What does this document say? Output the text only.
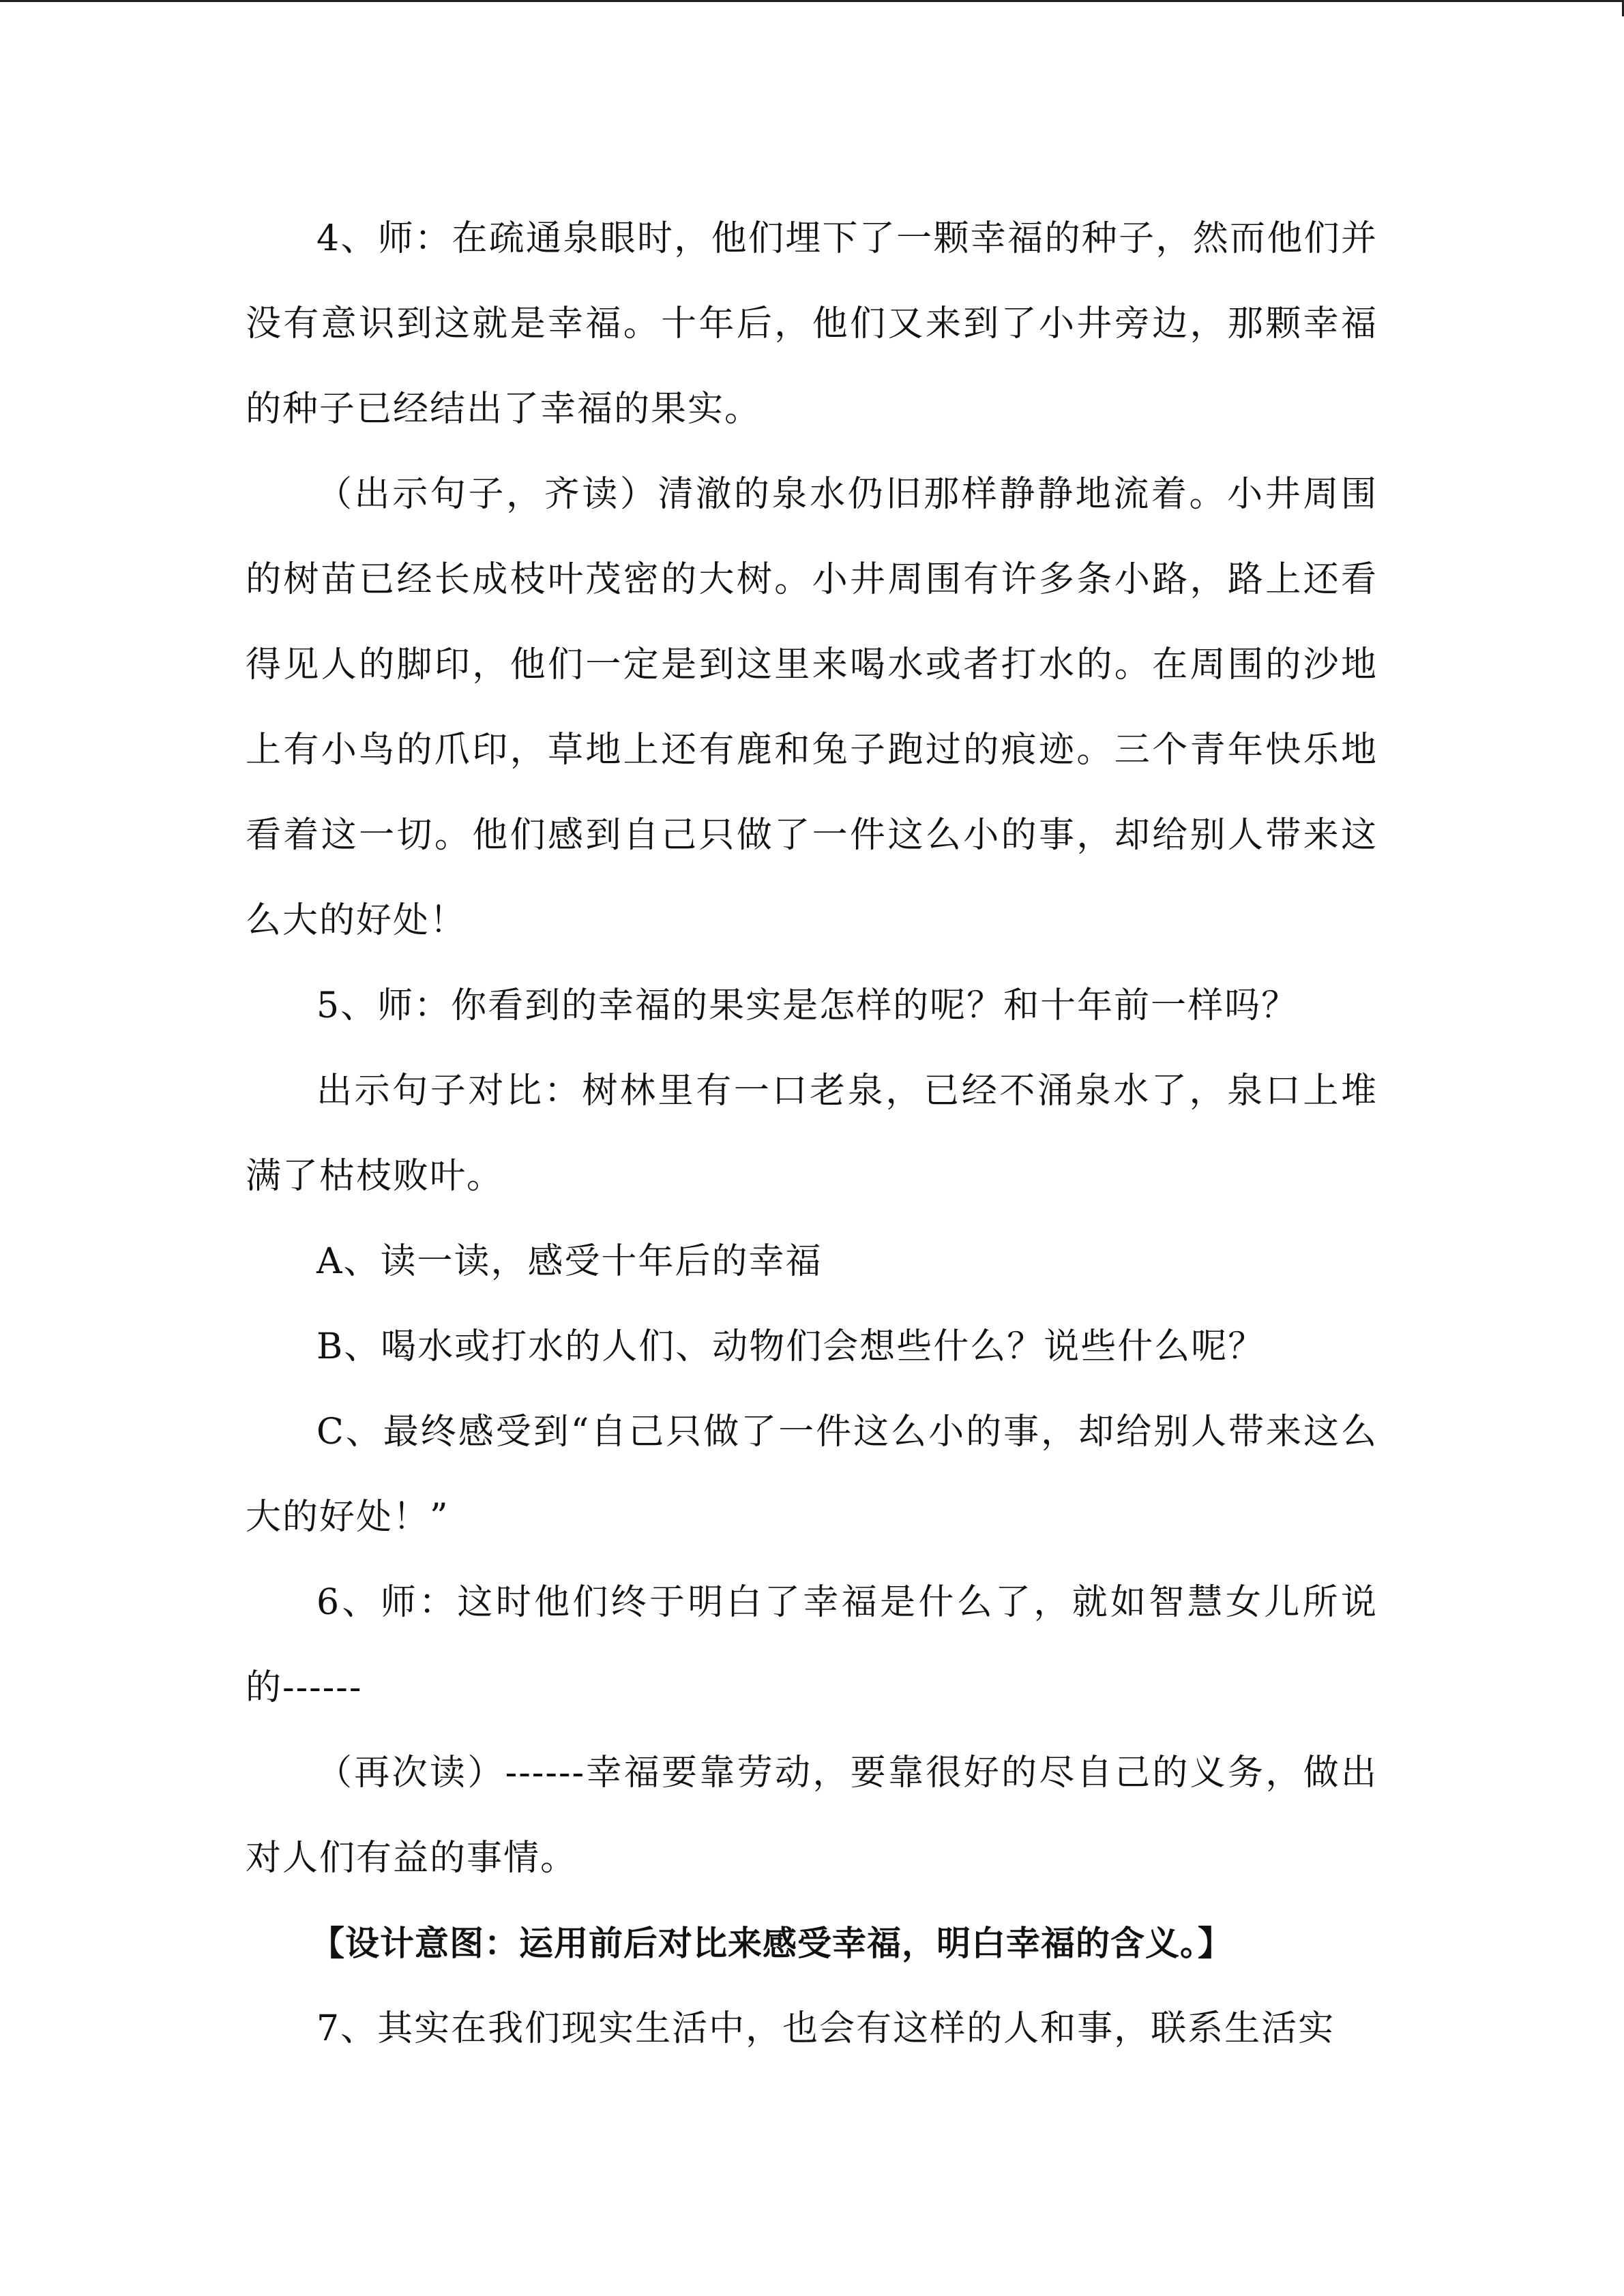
4、师：在疏通泉眼时，他们埋下了一颗幸福的种子，然而他们并没有意识到这就是幸福。十年后，他们又来到了小井旁边，那颗幸福的种子已经结出了幸福的果实。

（出示句子，齐读）清澈的泉水仍旧那样静静地流着。小井周围的树苗已经长成枝叶茂密的大树。小井周围有许多条小路，路上还看得见人的脚印，他们一定是到这里来喝水或者打水的。在周围的沙地上有小鸟的爪印，草地上还有鹿和兔子跑过的痕迹。三个青年快乐地看着这一切。他们感到自己只做了一件这么小的事，却给别人带来这么大的好处！

5、师：你看到的幸福的果实是怎样的呢？和十年前一样吗？

出示句子对比：树林里有一口老泉，已经不涌泉水了，泉口上堆满了枯枝败叶。

A、读一读，感受十年后的幸福

B、喝水或打水的人们、动物们会想些什么？说些什么呢？

C、最终感受到“自己只做了一件这么小的事，却给别人带来这么大的好处！”

6、师：这时他们终于明白了幸福是什么了，就如智慧女儿所说的------

（再次读）------幸福要靠劳动，要靠很好的尽自己的义务，做出对人们有益的事情。

【设计意图：运用前后对比来感受幸福，明白幸福的含义。】

7、其实在我们现实生活中，也会有这样的人和事，联系生活实
